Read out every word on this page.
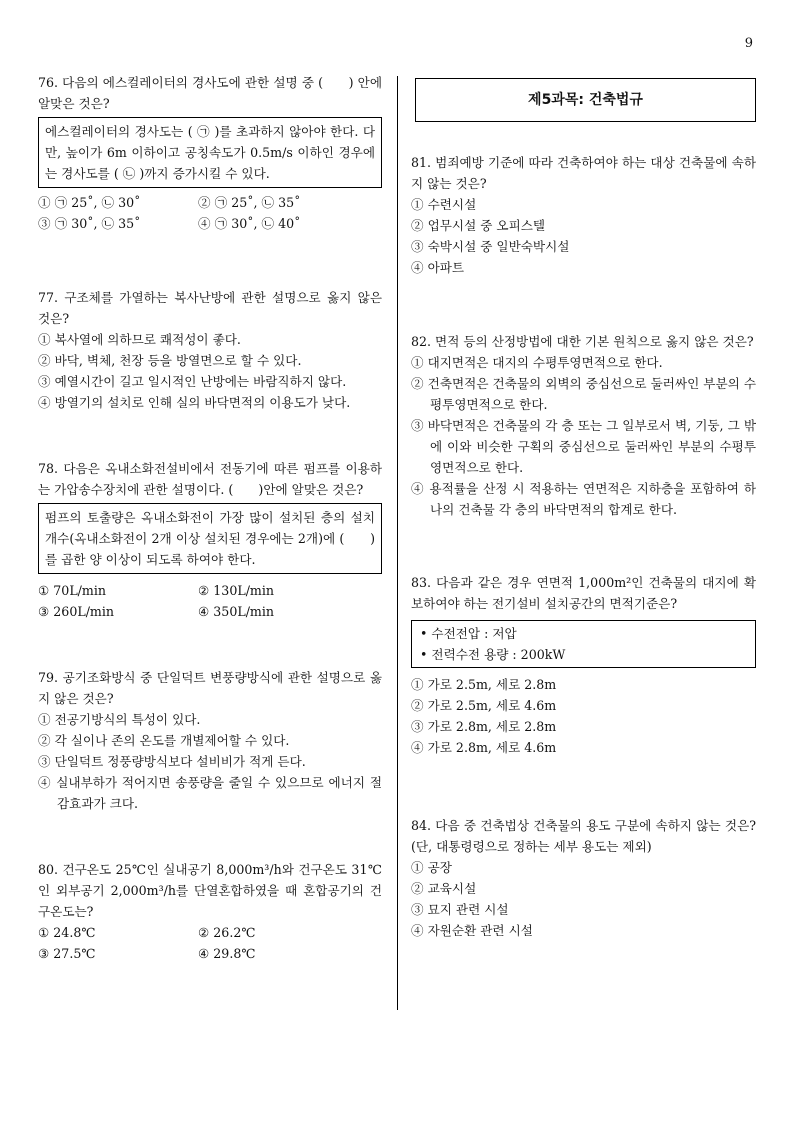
9
76. 다음의 에스컬레이터의 경사도에 관한 설명 중 (　　) 안에 알맞은 것은?
에스컬레이터의 경사도는 ( ㉠ )를 초과하지 않아야 한다. 다만, 높이가 6m 이하이고 공칭속도가 0.5m/s 이하인 경우에는 경사도를 ( ㉡ )까지 증가시킬 수 있다.
① ㉠ 25˚, ㉡ 30˚	② ㉠ 25˚, ㉡ 35˚
③ ㉠ 30˚, ㉡ 35˚	④ ㉠ 30˚, ㉡ 40˚
77. 구조체를 가열하는 복사난방에 관한 설명으로 옳지 않은 것은?
① 복사열에 의하므로 쾌적성이 좋다.
② 바닥, 벽체, 천장 등을 방열면으로 할 수 있다.
③ 예열시간이 길고 일시적인 난방에는 바람직하지 않다.
④ 방열기의 설치로 인해 실의 바닥면적의 이용도가 낮다.
78. 다음은 옥내소화전설비에서 전동기에 따른 펌프를 이용하는 가압송수장치에 관한 설명이다. (　　)안에 알맞은 것은?
펌프의 토출량은 옥내소화전이 가장 많이 설치된 층의 설치개수(옥내소화전이 2개 이상 설치된 경우에는 2개)에 (　　)를 곱한 양 이상이 되도록 하여야 한다.
① 70L/min	② 130L/min
③ 260L/min	④ 350L/min
79. 공기조화방식 중 단일덕트 변풍량방식에 관한 설명으로 옳지 않은 것은?
① 전공기방식의 특성이 있다.
② 각 실이나 존의 온도를 개별제어할 수 있다.
③ 단일덕트 정풍량방식보다 설비비가 적게 든다.
④ 실내부하가 적어지면 송풍량을 줄일 수 있으므로 에너지 절감효과가 크다.
80. 건구온도 25℃인 실내공기 8,000m³/h와 건구온도 31℃인 외부공기 2,000m³/h를 단열혼합하였을 때 혼합공기의 건구온도는?
① 24.8℃	② 26.2℃
③ 27.5℃	④ 29.8℃
제5과목: 건축법규
81. 범죄예방 기준에 따라 건축하여야 하는 대상 건축물에 속하지 않는 것은?
① 수련시설
② 업무시설 중 오피스텔
③ 숙박시설 중 일반숙박시설
④ 아파트
82. 면적 등의 산정방법에 대한 기본 원칙으로 옳지 않은 것은?
① 대지면적은 대지의 수평투영면적으로 한다.
② 건축면적은 건축물의 외벽의 중심선으로 둘러싸인 부분의 수평투영면적으로 한다.
③ 바닥면적은 건축물의 각 층 또는 그 일부로서 벽, 기둥, 그 밖에 이와 비슷한 구획의 중심선으로 둘러싸인 부분의 수평투영면적으로 한다.
④ 용적률을 산정 시 적용하는 연면적은 지하층을 포함하여 하나의 건축물 각 층의 바닥면적의 합계로 한다.
83. 다음과 같은 경우 연면적 1,000m²인 건축물의 대지에 확보하여야 하는 전기설비 설치공간의 면적기준은?
• 수전전압 : 저압
• 전력수전 용량 : 200kW
① 가로 2.5m, 세로 2.8m
② 가로 2.5m, 세로 4.6m
③ 가로 2.8m, 세로 2.8m
④ 가로 2.8m, 세로 4.6m
84. 다음 중 건축법상 건축물의 용도 구분에 속하지 않는 것은? (단, 대통령령으로 정하는 세부 용도는 제외)
① 공장
② 교육시설
③ 묘지 관련 시설
④ 자원순환 관련 시설
